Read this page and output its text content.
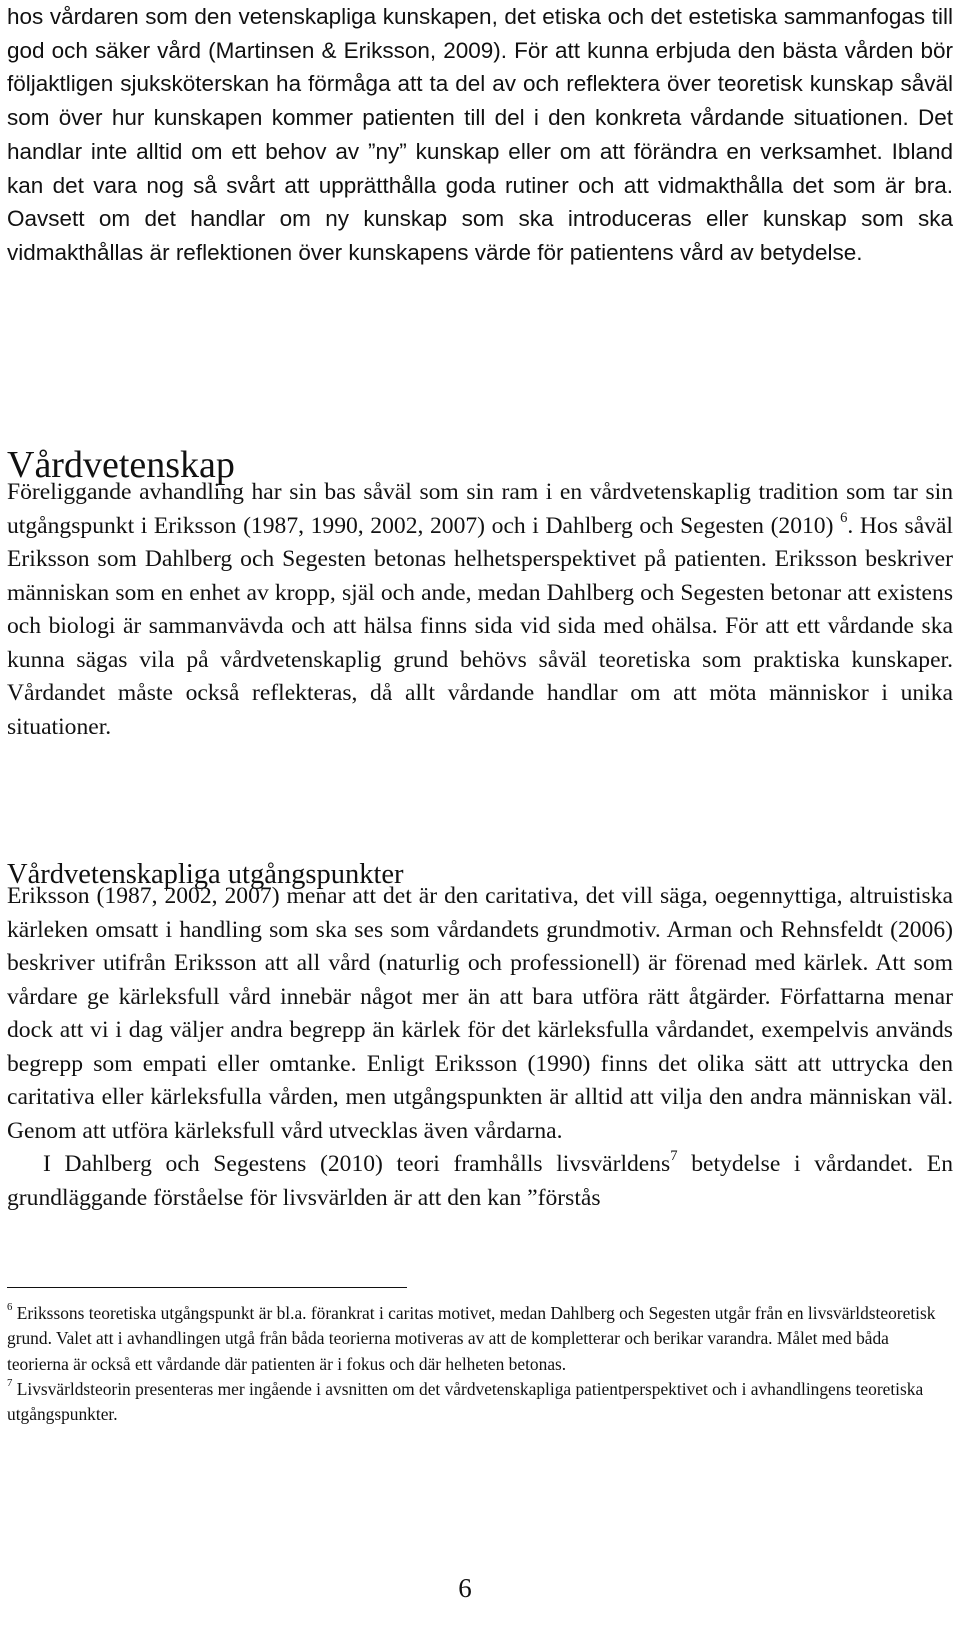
hos vårdaren som den vetenskapliga kunskapen, det etiska och det estetiska sammanfogas till god och säker vård (Martinsen & Eriksson, 2009). För att kunna erbjuda den bästa vården bör följaktligen sjuksköterskan ha förmåga att ta del av och reflektera över teoretisk kunskap såväl som över hur kunskapen kommer patienten till del i den konkreta vårdande situationen. Det handlar inte alltid om ett behov av ”ny” kunskap eller om att förändra en verksamhet. Ibland kan det vara nog så svårt att upprätthålla goda rutiner och att vidmakthålla det som är bra. Oavsett om det handlar om ny kunskap som ska introduceras eller kunskap som ska vidmakthållas är reflektionen över kunskapens värde för patientens vård av betydelse.

Vårdvetenskap

Föreliggande avhandling har sin bas såväl som sin ram i en vårdvetenskaplig tradition som tar sin utgångspunkt i Eriksson (1987, 1990, 2002, 2007) och i Dahlberg och Segesten (2010) $^6$. Hos såväl Eriksson som Dahlberg och Segesten betonas helhetsperspektivet på patienten. Eriksson beskriver människan som en enhet av kropp, själ och ande, medan Dahlberg och Segesten betonar att existens och biologi är sammanvävda och att hälsa finns sida vid sida med ohälsa. För att ett vårdande ska kunna sägas vila på vårdvetenskaplig grund behövs såväl teoretiska som praktiska kunskaper. Vårdandet måste också reflekteras, då allt vårdande handlar om att möta människor i unika situationer.

Vårdvetenskapliga utgångspunkter

Eriksson (1987, 2002, 2007) menar att det är den caritativa, det vill säga, oegennyttiga, altruistiska kärleken omsatt i handling som ska ses som vårdandets grundmotiv. Arman och Rehnsfeldt (2006) beskriver utifrån Eriksson att all vård (naturlig och professionell) är förenad med kärlek. Att som vårdare ge kärleksfull vård innebär något mer än att bara utföra rätt åtgärder. Författarna menar dock att vi i dag väljer andra begrepp än kärlek för det kärleksfulla vårdandet, exempelvis används begrepp som empati eller omtanke. Enligt Eriksson (1990) finns det olika sätt att uttrycka den caritativa eller kärleksfulla vården, men utgångspunkten är alltid att vilja den andra människan väl. Genom att utföra kärleksfull vård utvecklas även vårdarna.

I Dahlberg och Segestens (2010) teori framhålls livsvärldens$^7$ betydelse i vårdandet. En grundläggande förståelse för livsvärlden är att den kan ”förstås

$^6$ Erikssons teoretiska utgångspunkt är bl.a. förankrat i caritas motivet, medan Dahlberg och Segesten utgår från en livsvärldsteoretisk grund. Valet att i avhandlingen utgå från båda teorierna motiveras av att de kompletterar och berikar varandra. Målet med båda teorierna är också ett vårdande där patienten är i fokus och där helheten betonas.

$^7$ Livsvärldsteorin presenteras mer ingående i avsnitten om det vårdvetenskapliga patientperspektivet och i avhandlingens teoretiska utgångspunkter.

6
